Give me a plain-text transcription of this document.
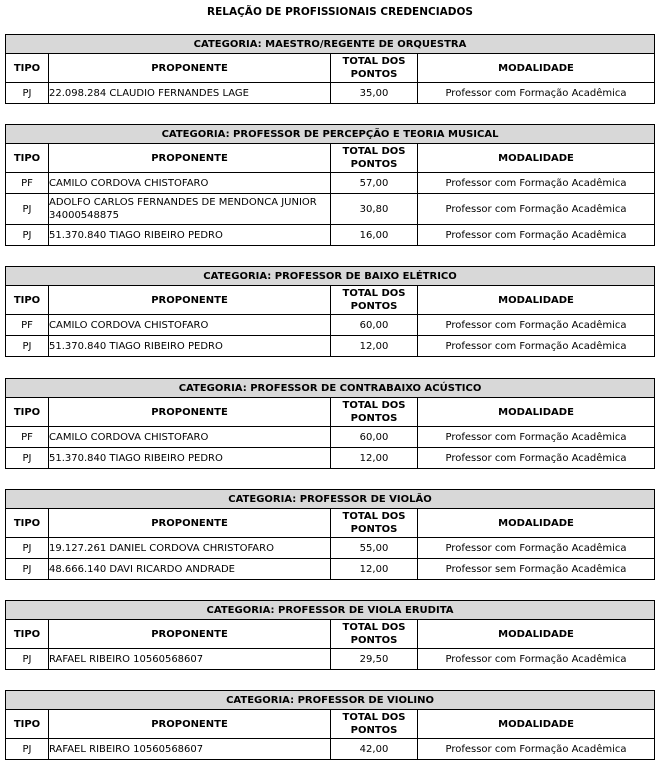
RELAÇÃO DE PROFISSIONAIS CREDENCIADOS
CATEGORIA: MAESTRO/REGENTE DE ORQUESTRA			
TIPO	PROPONENTE	TOTAL DOS PONTOS	MODALIDADE
PJ	22.098.284 CLAUDIO FERNANDES LAGE	35,00	Professor com Formação Acadêmica
CATEGORIA: PROFESSOR DE PERCEPÇÃO E TEORIA MUSICAL			
TIPO	PROPONENTE	TOTAL DOS PONTOS	MODALIDADE
PF	CAMILO CORDOVA CHISTOFARO	57,00	Professor com Formação Acadêmica
PJ	ADOLFO CARLOS FERNANDES DE MENDONCA JUNIOR 34000548875	30,80	Professor com Formação Acadêmica
PJ	51.370.840 TIAGO RIBEIRO PEDRO	16,00	Professor com Formação Acadêmica
CATEGORIA: PROFESSOR DE BAIXO ELÉTRICO			
TIPO	PROPONENTE	TOTAL DOS PONTOS	MODALIDADE
PF	CAMILO CORDOVA CHISTOFARO	60,00	Professor com Formação Acadêmica
PJ	51.370.840 TIAGO RIBEIRO PEDRO	12,00	Professor com Formação Acadêmica
CATEGORIA: PROFESSOR DE CONTRABAIXO ACÚSTICO			
TIPO	PROPONENTE	TOTAL DOS PONTOS	MODALIDADE
PF	CAMILO CORDOVA CHISTOFARO	60,00	Professor com Formação Acadêmica
PJ	51.370.840 TIAGO RIBEIRO PEDRO	12,00	Professor com Formação Acadêmica
CATEGORIA: PROFESSOR DE VIOLÃO			
TIPO	PROPONENTE	TOTAL DOS PONTOS	MODALIDADE
PJ	19.127.261 DANIEL CORDOVA CHRISTOFARO	55,00	Professor com Formação Acadêmica
PJ	48.666.140 DAVI RICARDO ANDRADE	12,00	Professor sem Formação Acadêmica
CATEGORIA: PROFESSOR DE VIOLA ERUDITA			
TIPO	PROPONENTE	TOTAL DOS PONTOS	MODALIDADE
PJ	RAFAEL RIBEIRO 10560568607	29,50	Professor com Formação Acadêmica
CATEGORIA: PROFESSOR DE VIOLINO			
TIPO	PROPONENTE	TOTAL DOS PONTOS	MODALIDADE
PJ	RAFAEL RIBEIRO 10560568607	42,00	Professor com Formação Acadêmica
